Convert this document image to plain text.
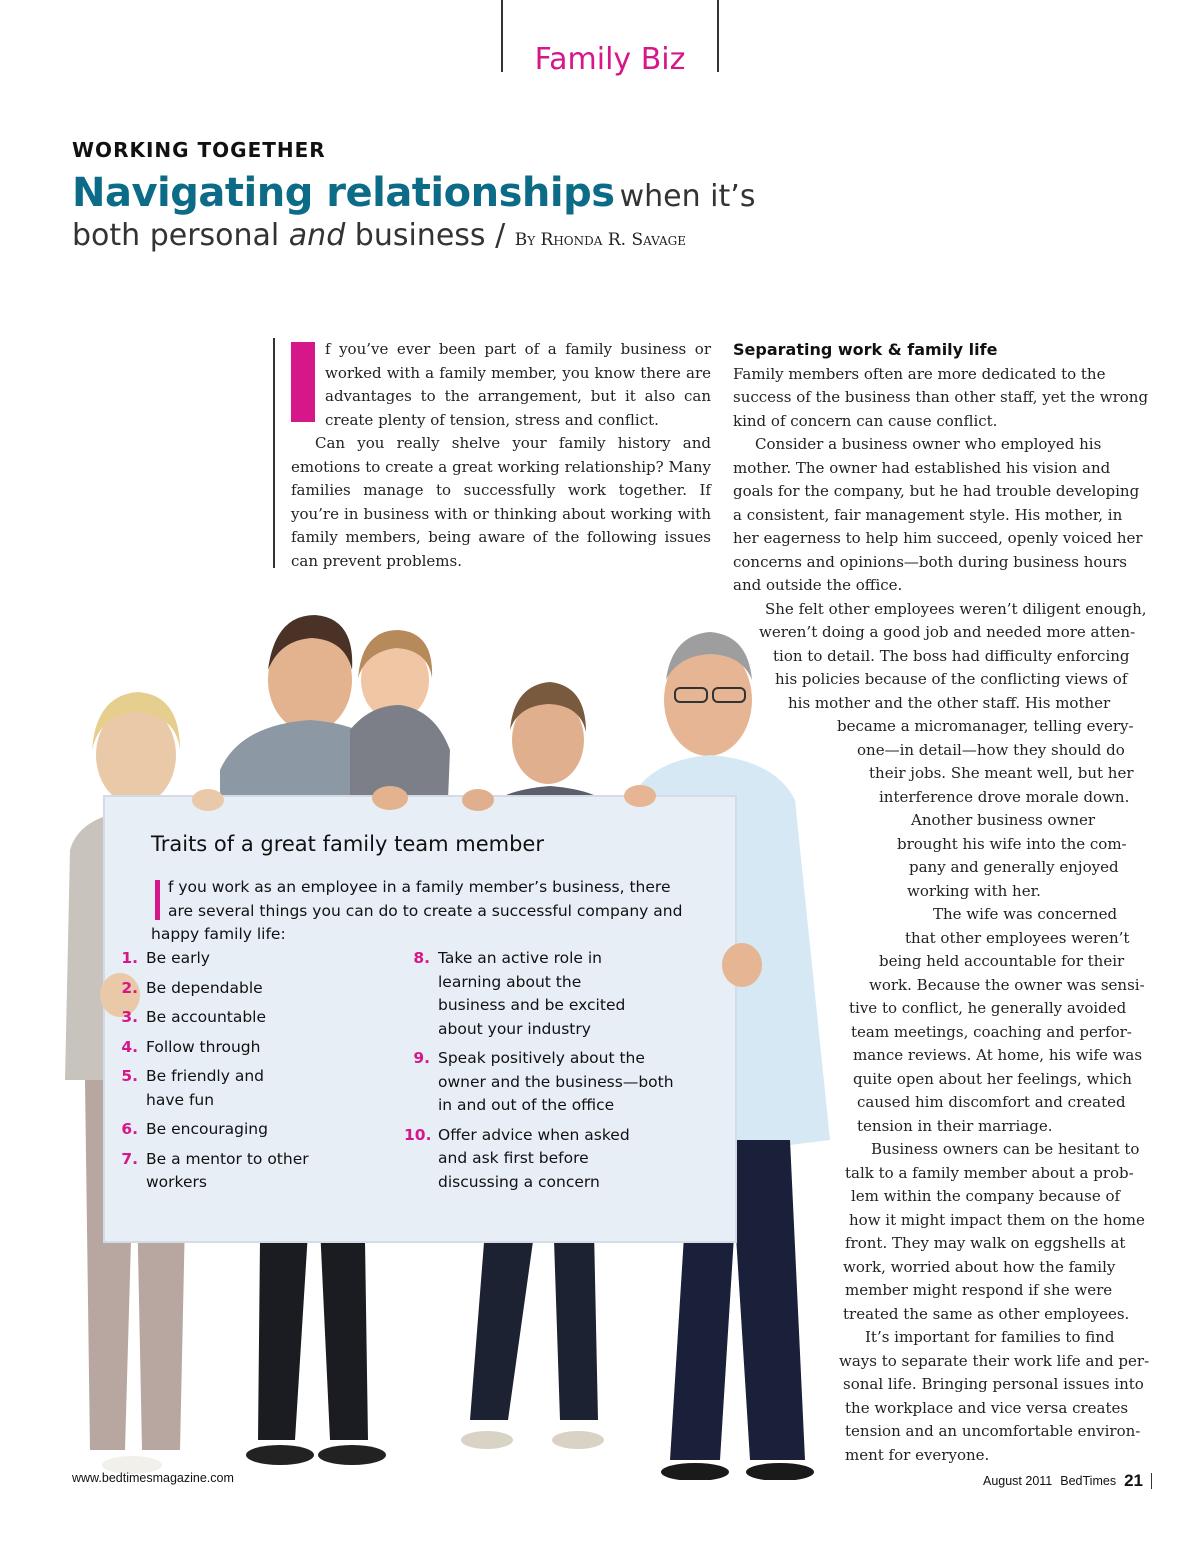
Family Biz
WORKING TOGETHER
Navigating relationships when it’s
both personal and business / By Rhonda R. Savage

f you’ve ever been part of a family business or worked with a family member, you know there are advantages to the arrangement, but it also can create plenty of tension, stress and conflict.

Can you really shelve your family history and emotions to create a great working relationship? Many families manage to successfully work together. If you’re in business with or thinking about working with family members, being aware of the following issues can prevent problems.

Separating work & family life
Family members often are more dedicated to the
success of the business than other staff, yet the wrong
kind of concern can cause conflict.
Consider a business owner who employed his
mother. The owner had established his vision and
goals for the company, but he had trouble developing
a consistent, fair management style. His mother, in
her eagerness to help him succeed, openly voiced her
concerns and opinions—both during business hours
and outside the office.
She felt other employees weren’t diligent enough,
weren’t doing a good job and needed more atten-
tion to detail. The boss had difficulty enforcing
his policies because of the conflicting views of
his mother and the other staff. His mother
became a micromanager, telling every-
one—in detail—how they should do
their jobs. She meant well, but her
interference drove morale down.
Another business owner
brought his wife into the com-
pany and generally enjoyed
working with her.
The wife was concerned
that other employees weren’t
being held accountable for their
work. Because the owner was sensi-
tive to conflict, he generally avoided
team meetings, coaching and perfor-
mance reviews. At home, his wife was
quite open about her feelings, which
caused him discomfort and created
tension in their marriage.
Business owners can be hesitant to
talk to a family member about a prob-
lem within the company because of
how it might impact them on the home
front. They may walk on eggshells at
work, worried about how the family
member might respond if she were
treated the same as other employees.
It’s important for families to find
ways to separate their work life and per-
sonal life. Bringing personal issues into
the workplace and vice versa creates
tension and an uncomfortable environ-
ment for everyone.
Traits of a great family team member
f you work as an employee in a family member’s business, there are several things you can do to create a successful company and happy family life:
1. Be early
2. Be dependable
3. Be accountable
4. Follow through
5. Be friendly and have fun
6. Be encouraging
7. Be a mentor to other workers
8. Take an active role in learning about the business and be excited about your industry
9. Speak positively about the owner and the business—both in and out of the office
10. Offer advice when asked and ask first before discussing a concern
www.bedtimesmagazine.com	August 2011 BedTimes 21
